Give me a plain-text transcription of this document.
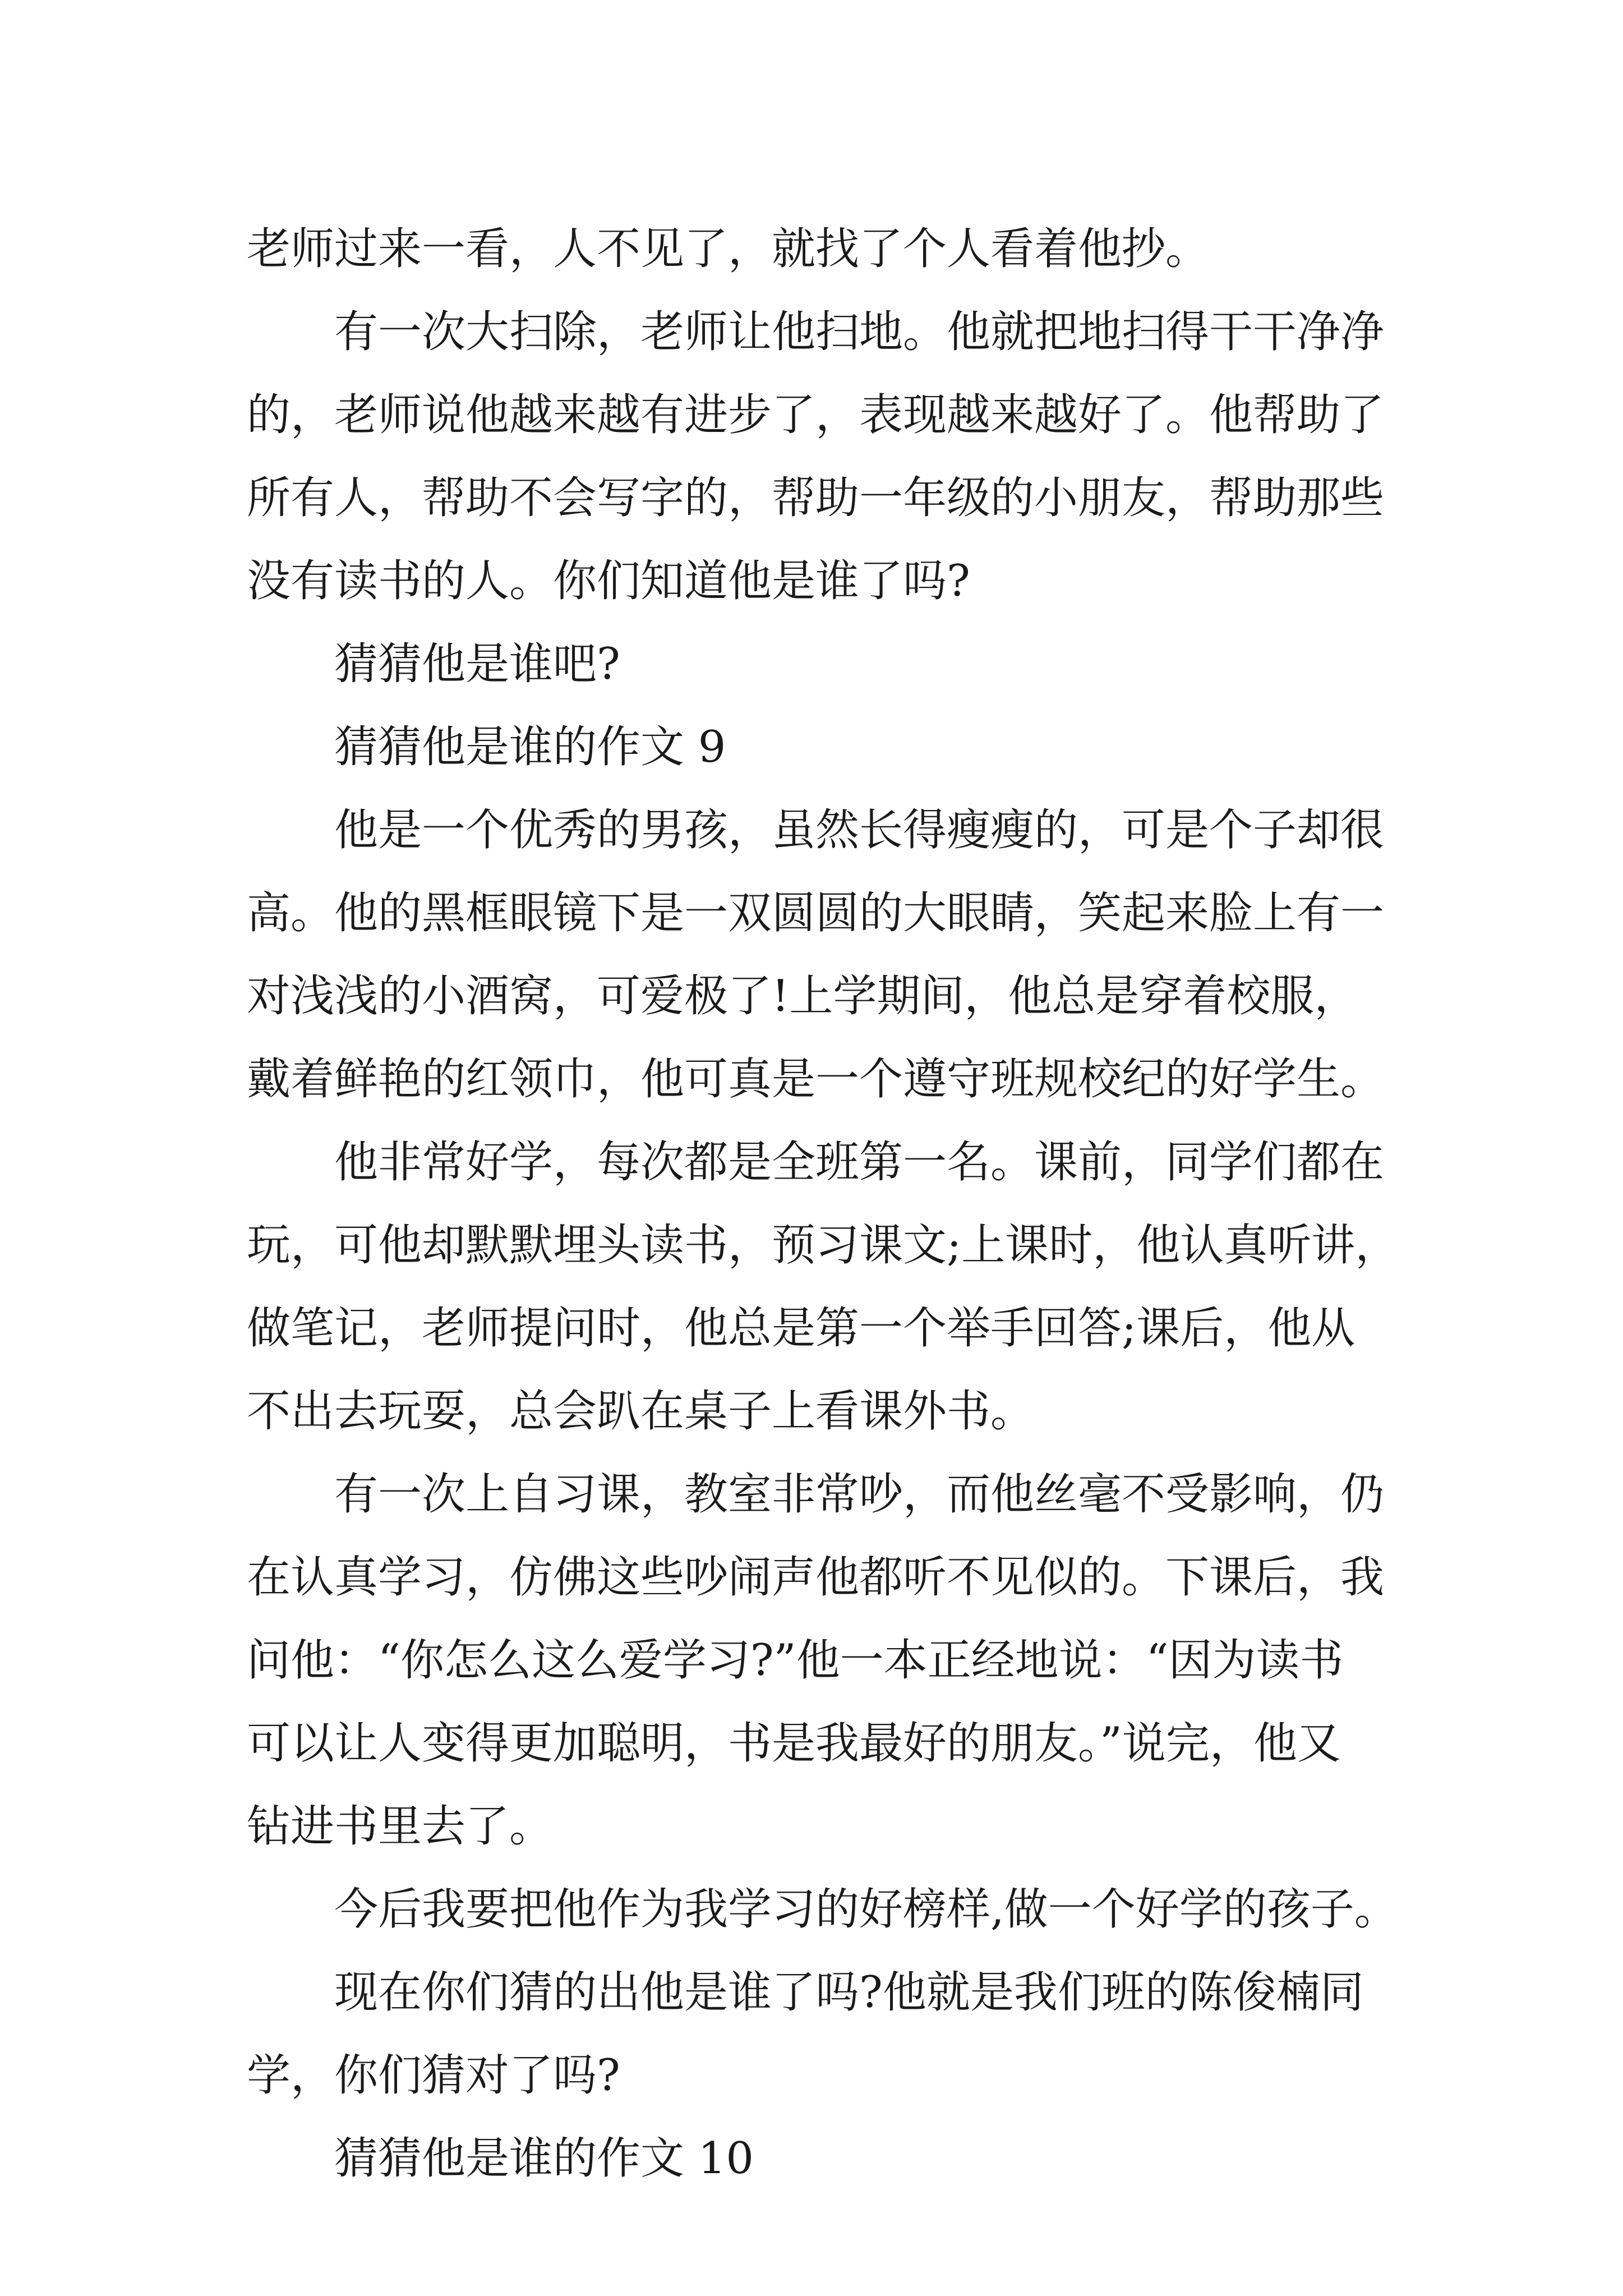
老师过来一看，人不见了，就找了个人看着他抄。
有一次大扫除，老师让他扫地。他就把地扫得干干净净
的，老师说他越来越有进步了，表现越来越好了。他帮助了
所有人，帮助不会写字的，帮助一年级的小朋友，帮助那些
没有读书的人。你们知道他是谁了吗?
猜猜他是谁吧?
猜猜他是谁的作文 9
他是一个优秀的男孩，虽然长得瘦瘦的，可是个子却很
高。他的黑框眼镜下是一双圆圆的大眼睛，笑起来脸上有一
对浅浅的小酒窝，可爱极了!上学期间，他总是穿着校服，
戴着鲜艳的红领巾，他可真是一个遵守班规校纪的好学生。
他非常好学，每次都是全班第一名。课前，同学们都在
玩，可他却默默埋头读书，预习课文;上课时，他认真听讲，
做笔记，老师提问时，他总是第一个举手回答;课后，他从
不出去玩耍，总会趴在桌子上看课外书。
有一次上自习课，教室非常吵，而他丝毫不受影响，仍
在认真学习，仿佛这些吵闹声他都听不见似的。下课后，我
问他：“你怎么这么爱学习?”他一本正经地说：“因为读书
可以让人变得更加聪明，书是我最好的朋友。”说完，他又
钻进书里去了。
今后我要把他作为我学习的好榜样,做一个好学的孩子。
现在你们猜的出他是谁了吗?他就是我们班的陈俊楠同
学，你们猜对了吗?
猜猜他是谁的作文 10
